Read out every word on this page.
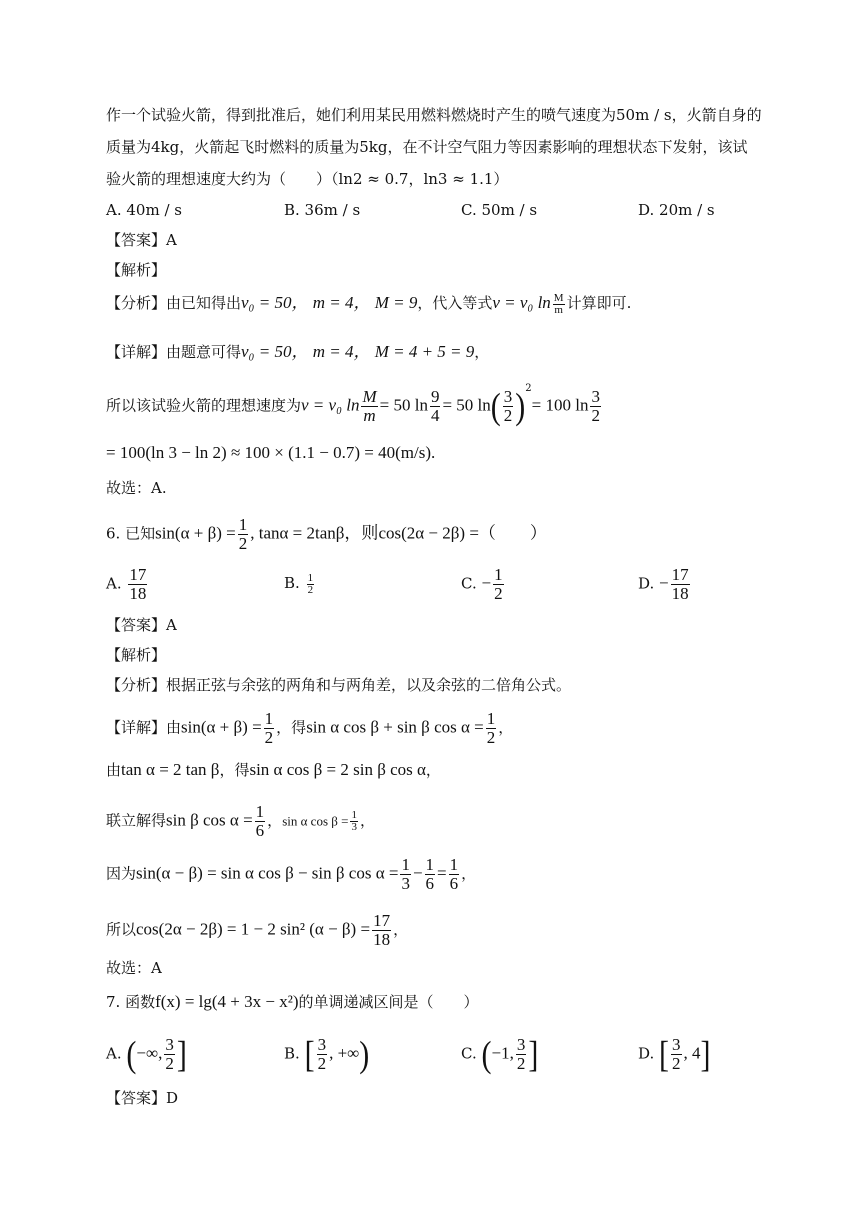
作一个试验火箭，得到批准后，她们利用某民用燃料燃烧时产生的喷气速度为50m / s，火箭自身的
质量为4kg，火箭起飞时燃料的质量为5kg，在不计空气阻力等因素影响的理想状态下发射，该试
验火箭的理想速度大约为（　　）（ln2 ≈ 0.7，ln3 ≈ 1.1）
A. 40m / s	B. 36m / s	C. 50m / s	D. 20m / s
【答案】A
【解析】
【分析】由已知得出v₀ = 50， m = 4， M = 9，代入等式v = v₀ $\ln \frac{M}{m}$ 计算即可.
【详解】由题意可得v₀ = 50， m = 4， M = 4 + 5 = 9，
所以该试验火箭的理想速度为v = v₀ $\ln \frac{M}{m} = 50$ $\ln \frac{9}{4} = 50$ $\ln( \frac{3}{2} )^2= 100$ $\ln \frac{3}{2}$
= 100(ln 3 − ln 2) ≈ 100 × (1.1 − 0.7) = 40(m/s).
故选：A.
6. 已知$\sin(\alpha + \beta) = \frac{1}{2}$ , tanα = 2tanβ，则cos(2α − 2β) =（　　）
A. $\frac{17}{18}$	B. $\frac{1}{2}$	C. − $\frac{1}{2}$	D. − $\frac{17}{18}$
【答案】A
【解析】
【分析】根据正弦与余弦的两角和与两角差，以及余弦的二倍角公式。
【详解】由$\sin(\alpha + \beta) = \frac{1}{2}$ ，得sin α cos β + sin β $\cos \alpha = \frac{1}{2}$ ，
由tan α = 2 tan β，得sin α cos β = 2 sin β cos α，
联立解得sin β $\cos \alpha = \frac{1}{6}$ ，sin α $\cos \beta = \frac{1}{3}$ ，
因为sin(α − β) = sin α cos β − sin β $\cos \alpha = \frac{1}{3} - \frac{1}{6} = \frac{1}{6}$ ，
所以cos(2α − 2β) = 1 − 2 sin² $(\alpha - \beta) = \frac{17}{18}$ ，
故选：A
7. 函数f(x) = lg(4 + 3x − x²)的单调递减区间是（　　）
A. (−∞, $\frac{3}{2}$ ]	B. [ $\frac{3}{2}$ , +∞)	C. (−1, $\frac{3}{2}$ ]	D. [ $\frac{3}{2}$ , 4]
【答案】D
